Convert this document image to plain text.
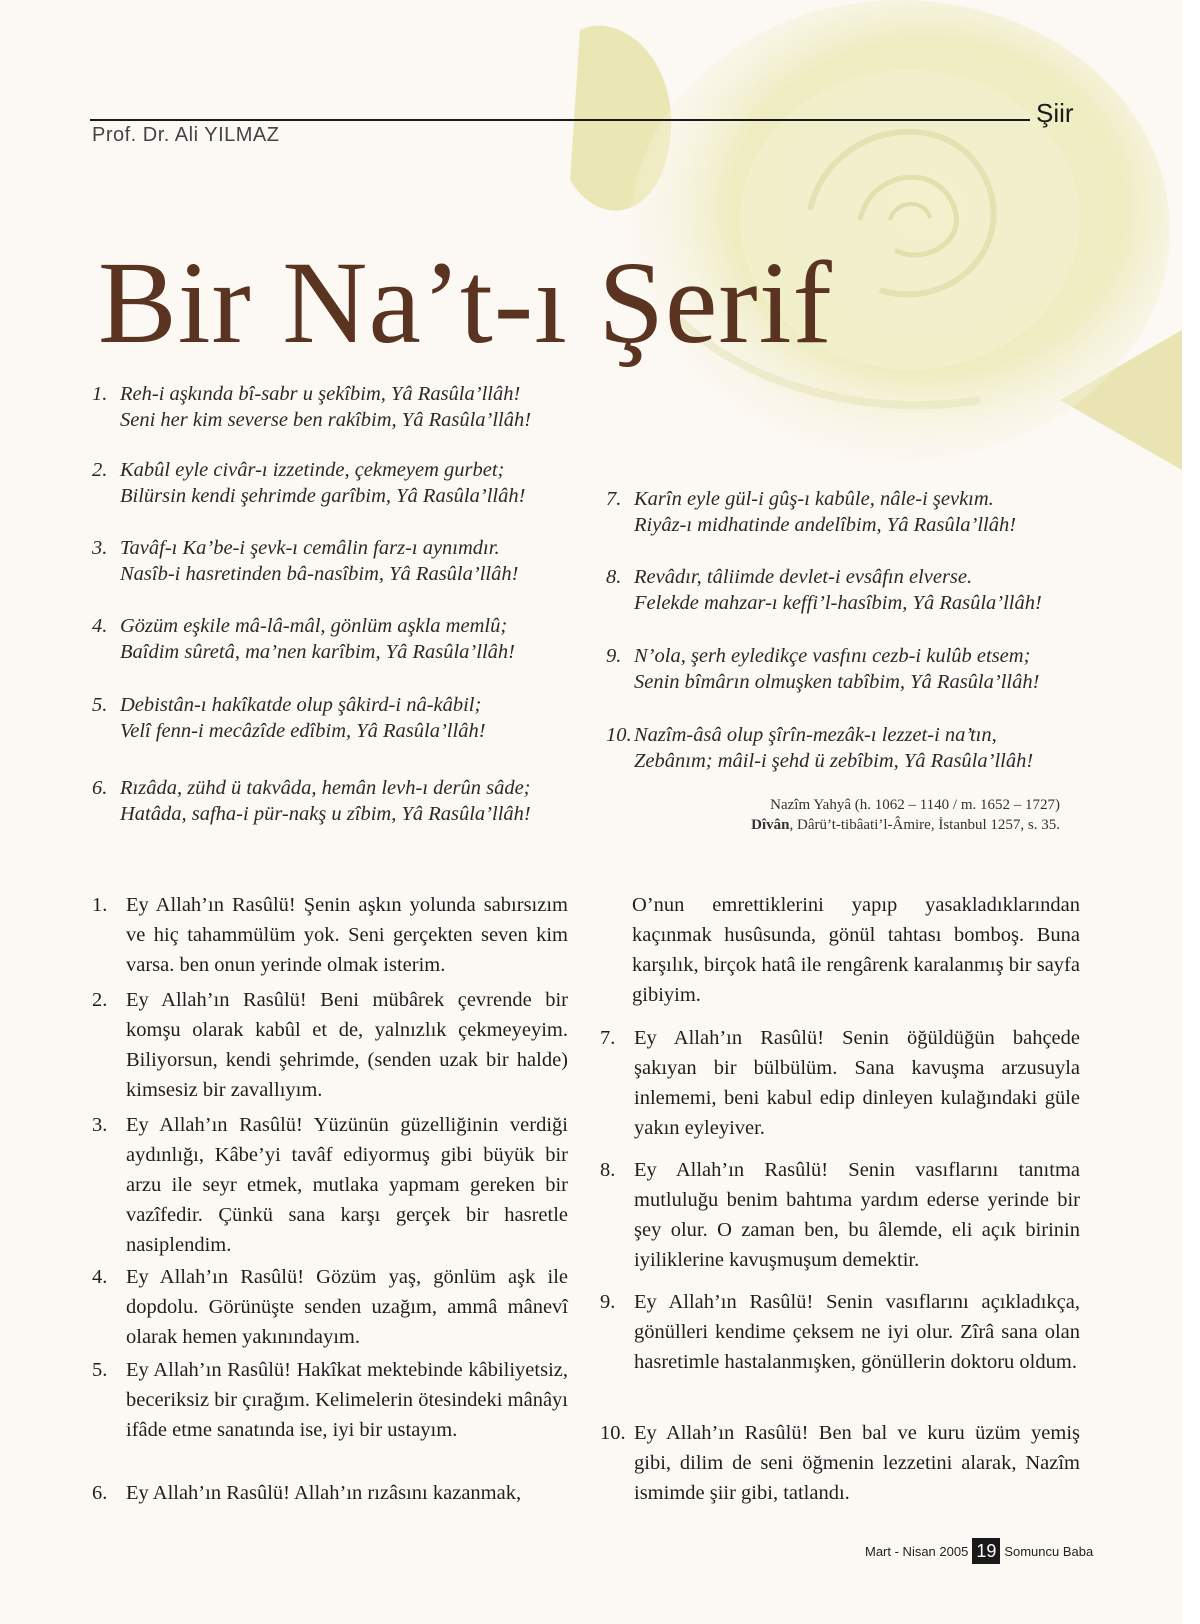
Şiir
Prof. Dr. Ali YILMAZ
Bir Na’t-ı Şerif
1. Reh-i aşkında bî-sabr u şekîbim, Yâ Rasûla’llâh!
Seni her kim severse ben rakîbim, Yâ Rasûla’llâh!
2. Kabûl eyle civâr-ı izzetinde, çekmeyem gurbet;
Bilürsin kendi şehrimde garîbim, Yâ Rasûla’llâh!
3. Tavâf-ı Ka’be-i şevk-ı cemâlin farz-ı aynımdır.
Nasîb-i hasretinden bâ-nasîbim, Yâ Rasûla’llâh!
4. Gözüm eşkile mâ-lâ-mâl, gönlüm aşkla memlû;
Baîdim sûretâ, ma’nen karîbim, Yâ Rasûla’llâh!
5. Debistân-ı hakîkatde olup şâkird-i nâ-kâbil;
Velî fenn-i mecâzîde edîbim, Yâ Rasûla’llâh!
6. Rızâda, zühd ü takvâda, hemân levh-ı derûn sâde;
Hatâda, safha-i pür-nakş u zîbim, Yâ Rasûla’llâh!
7. Karîn eyle gül-i gûş-ı kabûle, nâle-i şevkım.
Riyâz-ı midhatinde andelîbim, Yâ Rasûla’llâh!
8. Revâdır, tâliimde devlet-i evsâfın elverse.
Felekde mahzar-ı keffi’l-hasîbim, Yâ Rasûla’llâh!
9. N’ola, şerh eyledikçe vasfını cezb-i kulûb etsem;
Senin bîmârın olmuşken tabîbim, Yâ Rasûla’llâh!
10. Nazîm-âsâ olup şîrîn-mezâk-ı lezzet-i na’tın,
Zebânım; mâil-i şehd ü zebîbim, Yâ Rasûla’llâh!
Nazîm Yahyâ (h. 1062 – 1140 / m. 1652 – 1727)
Dîvân, Dârü’t-tibâati’l-Âmire, İstanbul 1257, s. 35.
1. Ey Allah’ın Rasûlü! Şenin aşkın yolunda sabırsızım ve hiç tahammülüm yok. Seni gerçekten seven kim varsa. ben onun yerinde olmak isterim.
2. Ey Allah’ın Rasûlü! Beni mübârek çevrende bir komşu olarak kabûl et de, yalnızlık çekmeyeyim. Biliyorsun, kendi şehrimde, (senden uzak bir halde) kimsesiz bir zavallıyım.
3. Ey Allah’ın Rasûlü! Yüzünün güzelliğinin verdiği aydınlığı, Kâbe’yi tavâf ediyormuş gibi büyük bir arzu ile seyr etmek, mutlaka yapmam gereken bir vazîfedir. Çünkü sana karşı gerçek bir hasretle nasiplendim.
4. Ey Allah’ın Rasûlü! Gözüm yaş, gönlüm aşk ile dopdolu. Görünüşte senden uzağım, ammâ mânevî olarak hemen yakınındayım.
5. Ey Allah’ın Rasûlü! Hakîkat mektebinde kâbiliyetsiz, beceriksiz bir çırağım. Kelimelerin ötesindeki mânâyı ifâde etme sanatında ise, iyi bir ustayım.
6. Ey Allah’ın Rasûlü! Allah’ın rızâsını kazanmak,
O’nun emrettiklerini yapıp yasakladıklarından kaçınmak husûsunda, gönül tahtası bomboş. Buna karşılık, birçok hatâ ile rengârenk karalanmış bir sayfa gibiyim.
7. Ey Allah’ın Rasûlü! Senin öğüldüğün bahçede şakıyan bir bülbülüm. Sana kavuşma arzusuyla inlememi, beni kabul edip dinleyen kulağındaki güle yakın eyleyiver.
8. Ey Allah’ın Rasûlü! Senin vasıflarını tanıtma mutluluğu benim bahtıma yardım ederse yerinde bir şey olur. O zaman ben, bu âlemde, eli açık birinin iyiliklerine kavuşmuşum demektir.
9. Ey Allah’ın Rasûlü! Senin vasıflarını açıkladıkça, gönülleri kendime çeksem ne iyi olur. Zîrâ sana olan hasretimle hastalanmışken, gönüllerin doktoru oldum.
10. Ey Allah’ın Rasûlü! Ben bal ve kuru üzüm yemiş gibi, dilim de seni öğmenin lezzetini alarak, Nazîm ismimde şiir gibi, tatlandı.
Mart - Nisan 2005 19 Somuncu Baba
